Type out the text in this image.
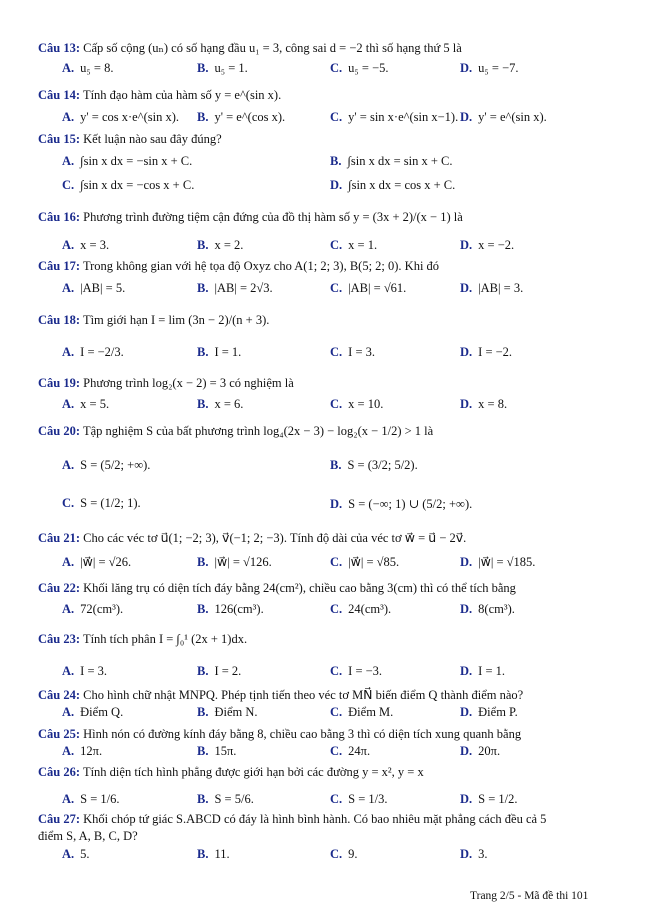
Câu 13: Cấp số cộng (uₙ) có số hạng đầu u₁ = 3, công sai d = −2 thì số hạng thứ 5 là
A. u₅ = 8.	B. u₅ = 1.	C. u₅ = −5.	D. u₅ = −7.
Câu 14: Tính đạo hàm của hàm số y = e^(sin x).
A. y' = cos x·e^(sin x). B. y' = e^(cos x).	C. y' = sin x·e^(sin x−1). D. y' = e^(sin x).
Câu 15: Kết luận nào sau đây đúng?
A. ∫sin x dx = −sin x + C.	B. ∫sin x dx = sin x + C.
C. ∫sin x dx = −cos x + C.	D. ∫sin x dx = cos x + C.
Câu 16: Phương trình đường tiệm cận đứng của đồ thị hàm số y = (3x + 2)/(x − 1) là
A. x = 3.	B. x = 2.	C. x = 1.	D. x = −2.
Câu 17: Trong không gian với hệ tọa độ Oxyz cho A(1; 2; 3), B(5; 2; 0). Khi đó
A. |AB| = 5.	B. |AB| = 2√3.	C. |AB| = √61.	D. |AB| = 3.
Câu 18: Tìm giới hạn I = lim (3n − 2)/(n + 3).
A. I = −2/3.	B. I = 1.	C. I = 3.	D. I = −2.
Câu 19: Phương trình log₂(x − 2) = 3 có nghiệm là
A. x = 5.	B. x = 6.	C. x = 10.	D. x = 8.
Câu 20: Tập nghiệm S của bất phương trình log₄(2x − 3) − log₂(x − 1/2) > 1 là
A. S = (5/2; +∞).	B. S = (3/2; 5/2).
C. S = (1/2; 1).	D. S = (−∞; 1) ∪ (5/2; +∞).
Câu 21: Cho các véc tơ u⃗(1; −2; 3), v⃗(−1; 2; −3). Tính độ dài của véc tơ w⃗ = u⃗ − 2v⃗.
A. |w⃗| = √26.	B. |w⃗| = √126.	C. |w⃗| = √85.	D. |w⃗| = √185.
Câu 22: Khối lăng trụ có diện tích đáy bằng 24(cm²), chiều cao bằng 3(cm) thì có thể tích bằng
A. 72(cm³).	B. 126(cm³).	C. 24(cm³).	D. 8(cm³).
Câu 23: Tính tích phân I = ∫₀¹ (2x + 1)dx.
A. I = 3.	B. I = 2.	C. I = −3.	D. I = 1.
Câu 24: Cho hình chữ nhật MNPQ. Phép tịnh tiến theo véc tơ MN⃗ biến điểm Q thành điểm nào?
A. Điểm Q.	B. Điểm N.	C. Điểm M.	D. Điểm P.
Câu 25: Hình nón có đường kính đáy bằng 8, chiều cao bằng 3 thì có diện tích xung quanh bằng
A. 12π.	B. 15π.	C. 24π.	D. 20π.
Câu 26: Tính diện tích hình phẳng được giới hạn bởi các đường y = x², y = x
A. S = 1/6.	B. S = 5/6.	C. S = 1/3.	D. S = 1/2.
Câu 27: Khối chóp tứ giác S.ABCD có đáy là hình bình hành. Có bao nhiêu mặt phẳng cách đều cả 5
điểm S, A, B, C, D?
A. 5.	B. 11.	C. 9.	D. 3.
Trang 2/5 - Mã đề thi 101
